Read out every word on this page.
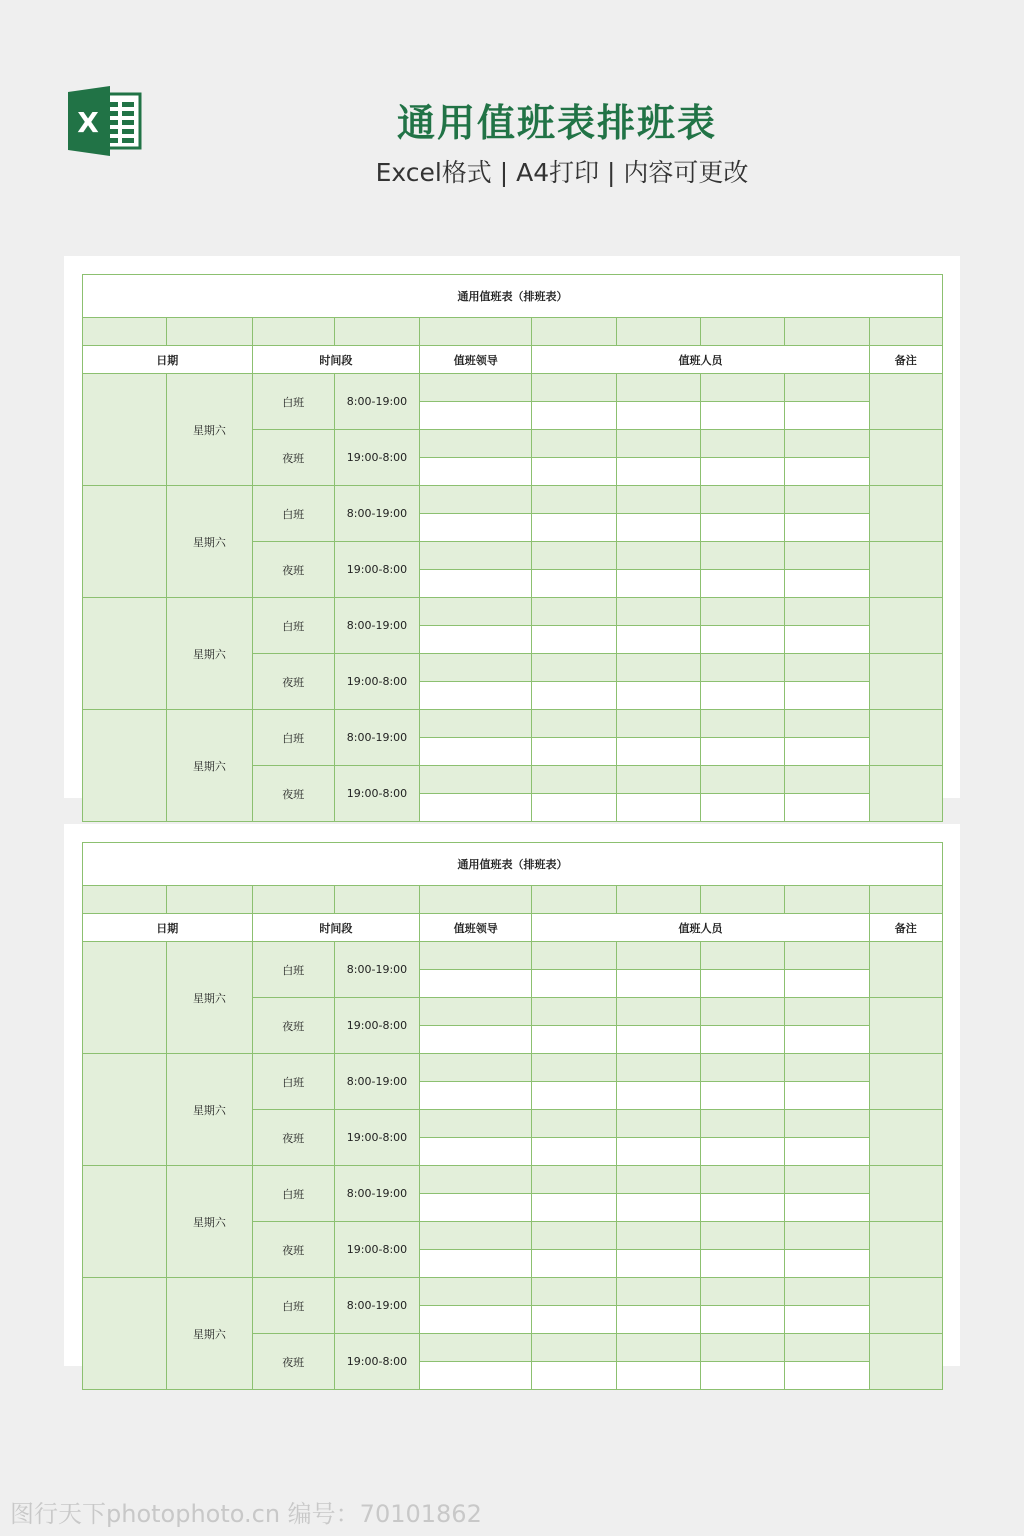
X	通用值班表排班表
Excel格式 | A4打印 | 内容可更改
通用值班表（排班表）									

日期		时间段		值班领导	值班人员				备注
	星期六	白班	8:00-19:00						

		夜班	19:00-8:00						

	星期六	白班	8:00-19:00						

		夜班	19:00-8:00						

	星期六	白班	8:00-19:00						

		夜班	19:00-8:00						

	星期六	白班	8:00-19:00						

		夜班	19:00-8:00						

通用值班表（排班表）									

日期		时间段		值班领导	值班人员				备注
	星期六	白班	8:00-19:00						

		夜班	19:00-8:00						

	星期六	白班	8:00-19:00						

		夜班	19:00-8:00						

	星期六	白班	8:00-19:00						

		夜班	19:00-8:00						

	星期六	白班	8:00-19:00						

		夜班	19:00-8:00						

图行天下photophoto.cn 编号：70101862
